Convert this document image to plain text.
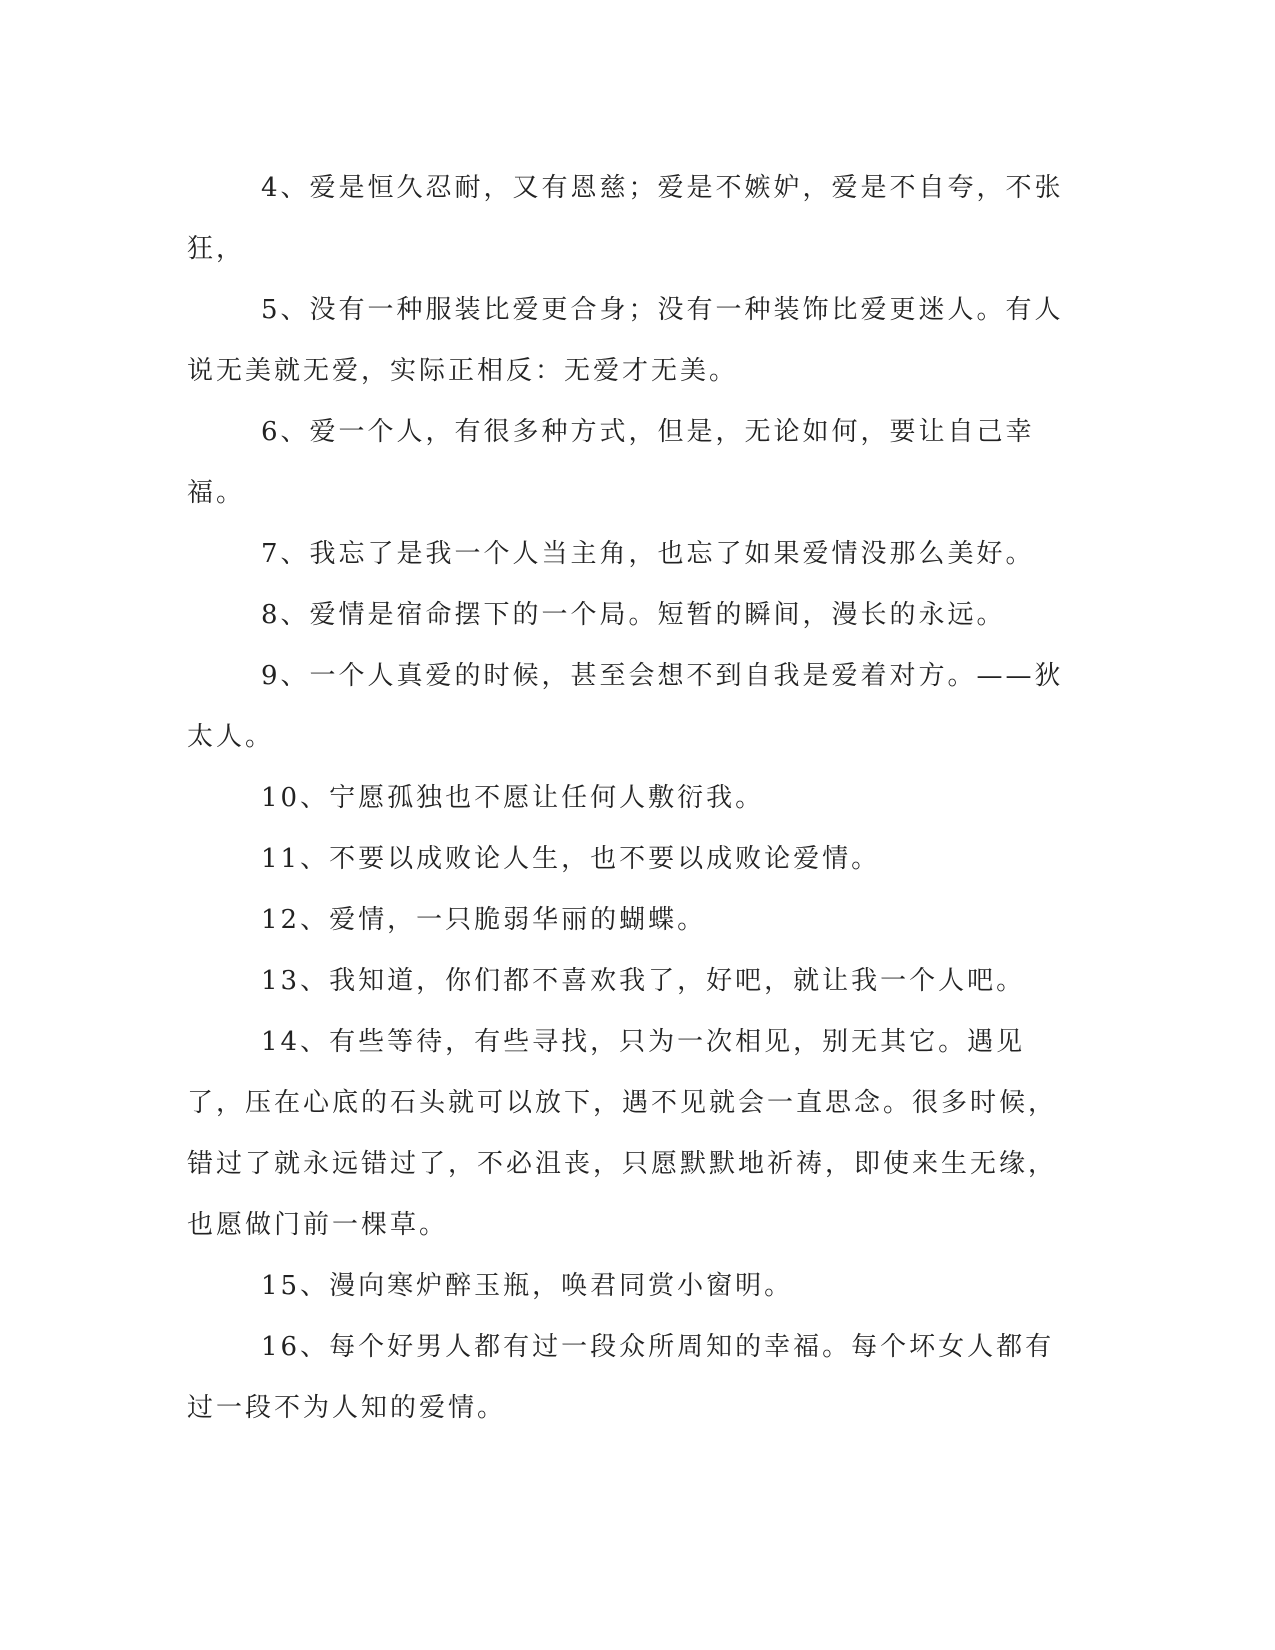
4、爱是恒久忍耐，又有恩慈；爱是不嫉妒，爱是不自夸，不张狂，

5、没有一种服装比爱更合身；没有一种装饰比爱更迷人。有人说无美就无爱，实际正相反：无爱才无美。

6、爱一个人，有很多种方式，但是，无论如何，要让自己幸福。

7、我忘了是我一个人当主角，也忘了如果爱情没那么美好。

8、爱情是宿命摆下的一个局。短暂的瞬间，漫长的永远。

9、一个人真爱的时候，甚至会想不到自我是爱着对方。——狄太人。

10、宁愿孤独也不愿让任何人敷衍我。

11、不要以成败论人生，也不要以成败论爱情。

12、爱情，一只脆弱华丽的蝴蝶。

13、我知道，你们都不喜欢我了，好吧，就让我一个人吧。

14、有些等待，有些寻找，只为一次相见，别无其它。遇见了，压在心底的石头就可以放下，遇不见就会一直思念。很多时候，错过了就永远错过了，不必沮丧，只愿默默地祈祷，即使来生无缘，也愿做门前一棵草。

15、漫向寒炉醉玉瓶，唤君同赏小窗明。

16、每个好男人都有过一段众所周知的幸福。每个坏女人都有过一段不为人知的爱情。
